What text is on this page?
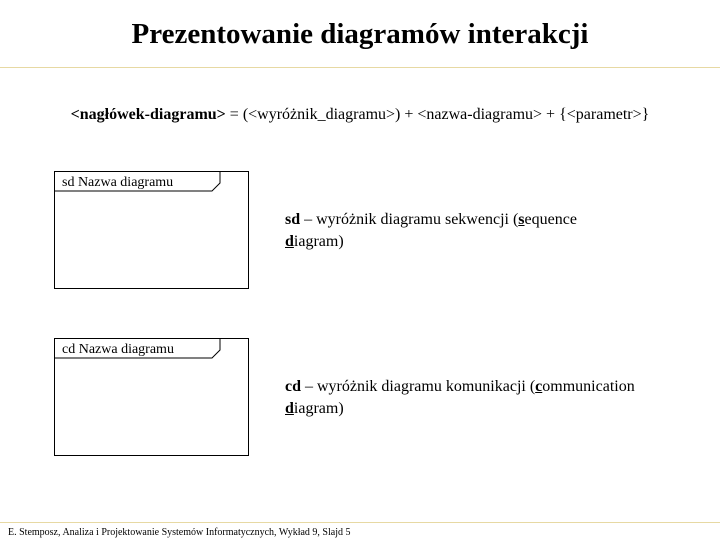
Prezentowanie diagramów interakcji
<nagłówek-diagramu> = (<wyróżnik_diagramu>) + <nazwa-diagramu> + {<parametr>}
sd Nazwa diagramu
sd – wyróżnik diagramu sekwencji (sequence
diagram)
cd Nazwa diagramu
cd – wyróżnik diagramu komunikacji (communication
diagram)
E. Stemposz, Analiza i Projektowanie Systemów Informatycznych, Wykład 9, Slajd 5
